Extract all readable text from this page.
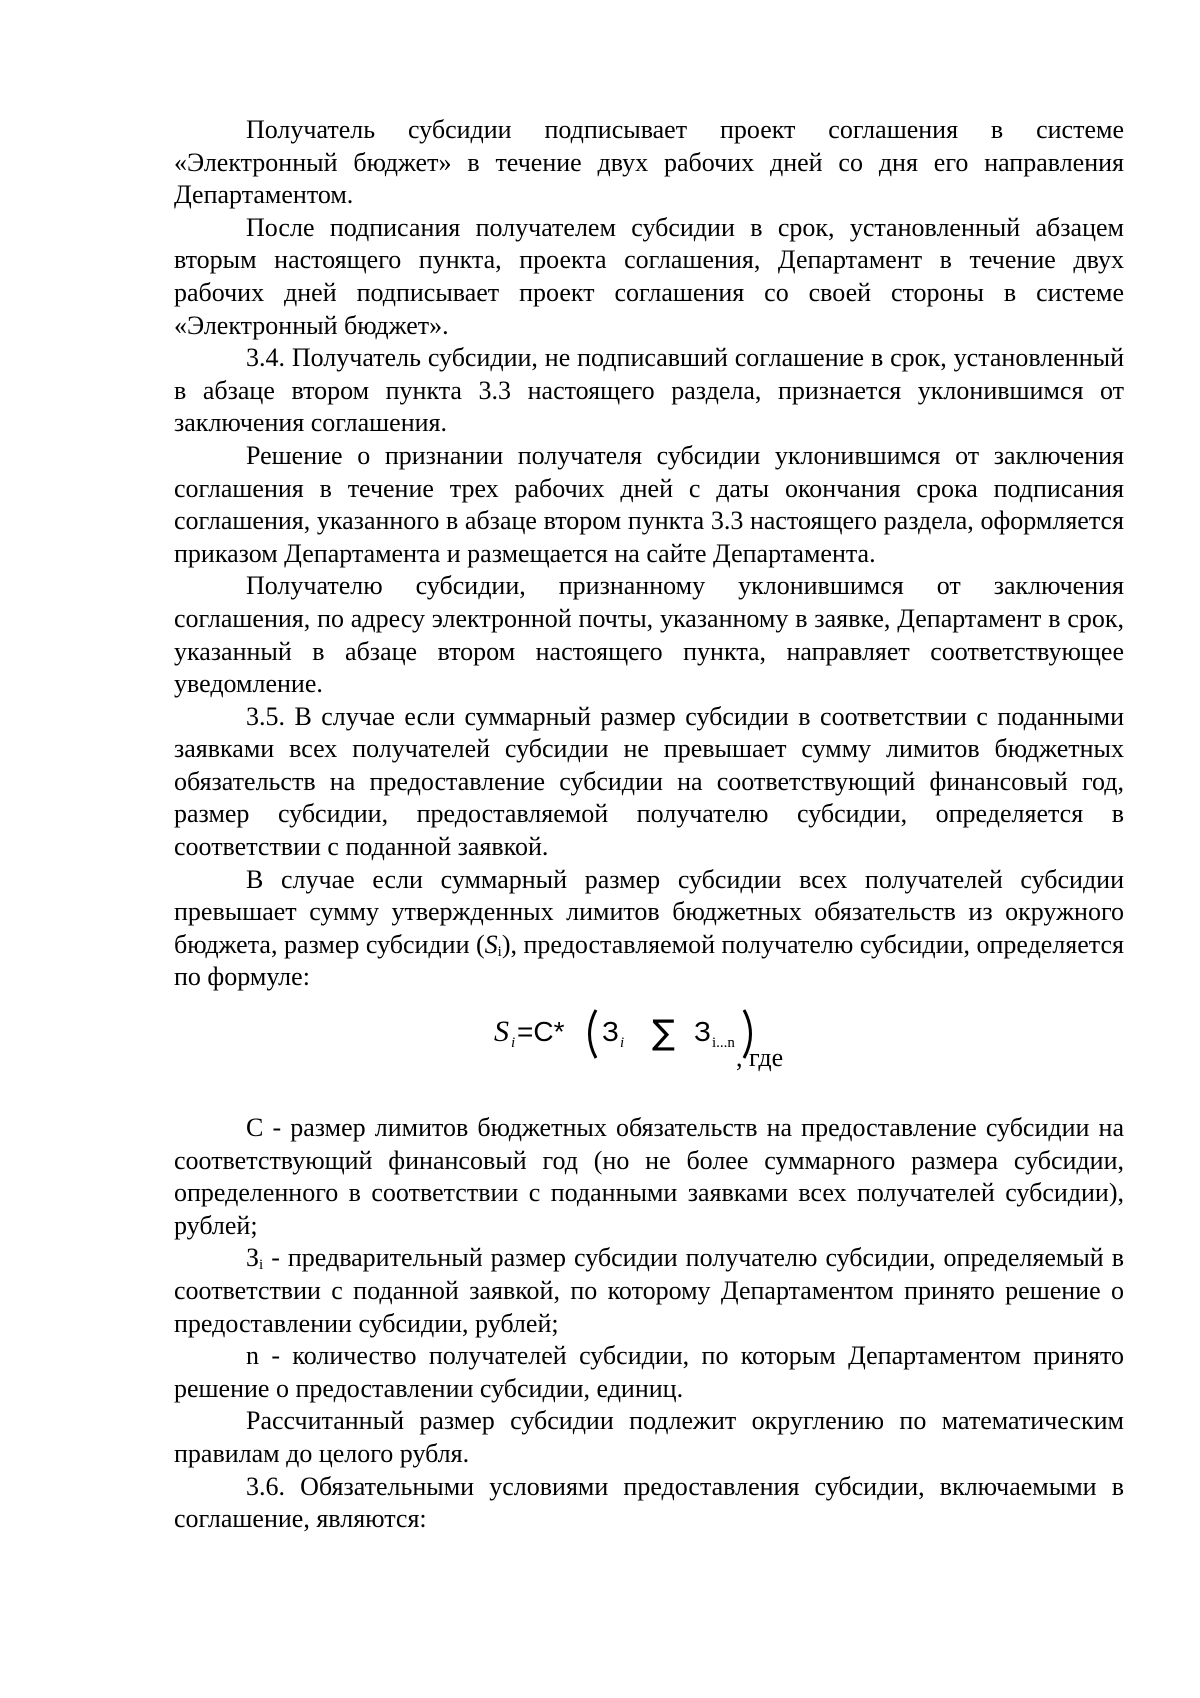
Получатель субсидии подписывает проект соглашения в системе «Электронный бюджет» в течение двух рабочих дней со дня его направления Департаментом.

После подписания получателем субсидии в срок, установленный абзацем вторым настоящего пункта, проекта соглашения, Департамент в течение двух рабочих дней подписывает проект соглашения со своей стороны в системе «Электронный бюджет».

3.4. Получатель субсидии, не подписавший соглашение в срок, установленный в абзаце втором пункта 3.3 настоящего раздела, признается уклонившимся от заключения соглашения.

Решение о признании получателя субсидии уклонившимся от заключения соглашения в течение трех рабочих дней с даты окончания срока подписания соглашения, указанного в абзаце втором пункта 3.3 настоящего раздела, оформляется приказом Департамента и размещается на сайте Департамента.

Получателю субсидии, признанному уклонившимся от заключения соглашения, по адресу электронной почты, указанному в заявке, Департамент в срок, указанный в абзаце втором настоящего пункта, направляет соответствующее уведомление.

3.5. В случае если суммарный размер субсидии в соответствии с поданными заявками всех получателей субсидии не превышает сумму лимитов бюджетных обязательств на предоставление субсидии на соответствующий финансовый год, размер субсидии, предоставляемой получателю субсидии, определяется в соответствии с поданной заявкой.

В случае если суммарный размер субсидии всех получателей субсидии превышает сумму утвержденных лимитов бюджетных обязательств из окружного бюджета, размер субсидии $(S_i)$, предоставляемой получателю субсидии, определяется по формуле:

S i =C* З i ∑ З i...n , где

С - размер лимитов бюджетных обязательств на предоставление субсидии на соответствующий финансовый год (но не более суммарного размера субсидии, определенного в соответствии с поданными заявками всех получателей субсидии), рублей;

$З_i$ - предварительный размер субсидии получателю субсидии, определяемый в соответствии с поданной заявкой, по которому Департаментом принято решение о предоставлении субсидии, рублей;

n - количество получателей субсидии, по которым Департаментом принято решение о предоставлении субсидии, единиц.

Рассчитанный размер субсидии подлежит округлению по математическим правилам до целого рубля.

3.6. Обязательными условиями предоставления субсидии, включаемыми в соглашение, являются:
